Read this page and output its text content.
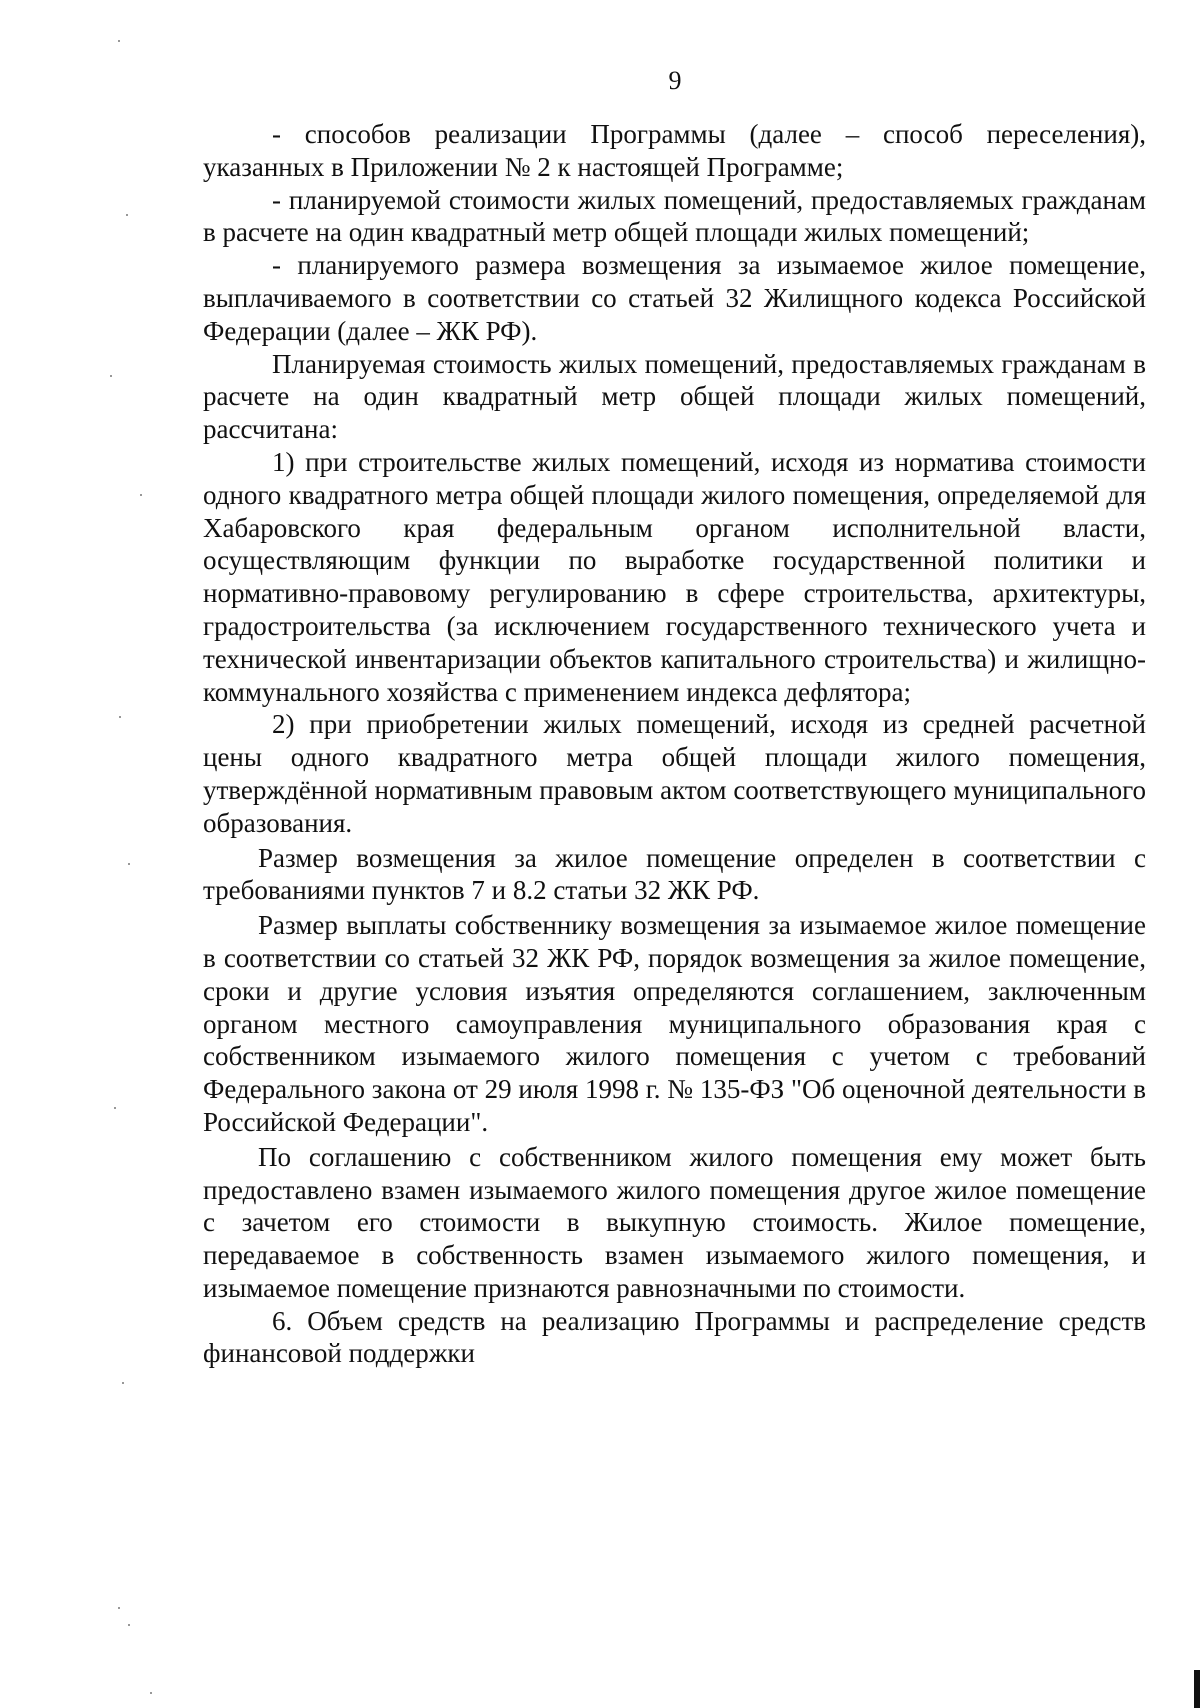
9

- способов реализации Программы (далее – способ переселения), указанных в Приложении № 2 к настоящей Программе;

- планируемой стоимости жилых помещений, предоставляемых гражданам в расчете на один квадратный метр общей площади жилых помещений;

- планируемого размера возмещения за изымаемое жилое помещение, выплачиваемого в соответствии со статьей 32 Жилищного кодекса Российской Федерации (далее – ЖК РФ).

Планируемая стоимость жилых помещений, предоставляемых гражданам в расчете на один квадратный метр общей площади жилых помещений, рассчитана:

1) при строительстве жилых помещений, исходя из норматива стоимости одного квадратного метра общей площади жилого помещения, определяемой для Хабаровского края федеральным органом исполнительной власти, осуществляющим функции по выработке государственной политики и нормативно-правовому регулированию в сфере строительства, архитектуры, градостроительства (за исключением государственного технического учета и технической инвентаризации объектов капитального строительства) и жилищно-коммунального хозяйства с применением индекса дефлятора;

2) при приобретении жилых помещений, исходя из средней расчетной цены одного квадратного метра общей площади жилого помещения, утверждённой нормативным правовым актом соответствующего муниципального образования.

Размер возмещения за жилое помещение определен в соответствии с требованиями пунктов 7 и 8.2 статьи 32 ЖК РФ.

Размер выплаты собственнику возмещения за изымаемое жилое помещение в соответствии со статьей 32 ЖК РФ, порядок возмещения за жилое помещение, сроки и другие условия изъятия определяются соглашением, заключенным органом местного самоуправления муниципального образования края с собственником изымаемого жилого помещения с учетом с требований Федерального закона от 29 июля 1998 г. № 135-ФЗ "Об оценочной деятельности в Российской Федерации".

По соглашению с собственником жилого помещения ему может быть предоставлено взамен изымаемого жилого помещения другое жилое помещение с зачетом его стоимости в выкупную стоимость. Жилое помещение, передаваемое в собственность взамен изымаемого жилого помещения, и изымаемое помещение признаются равнозначными по стоимости.

6. Объем средств на реализацию Программы и распределение средств финансовой поддержки
